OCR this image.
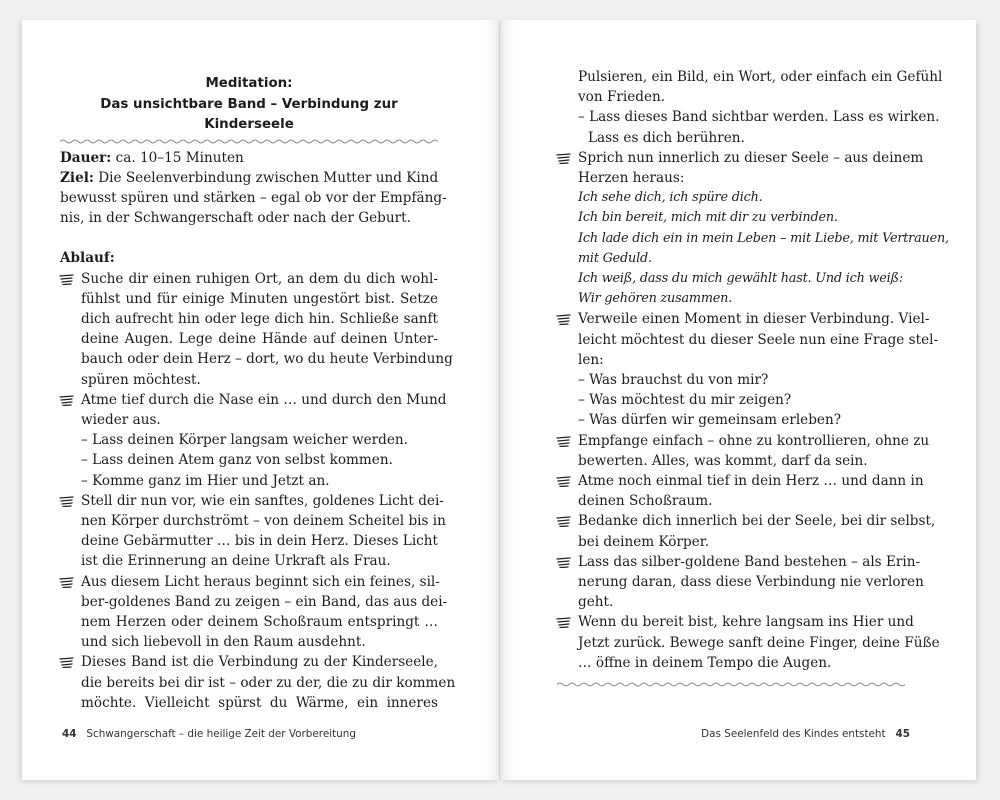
Meditation:
Das unsichtbare Band – Verbindung zur Kinderseele
Dauer: ca. 10–15 Minuten
Ziel: Die Seelenverbindung zwischen Mutter und Kind
bewusst spüren und stärken – egal ob vor der Empfäng-
nis, in der Schwangerschaft oder nach der Geburt.
Ablauf:
Suche dir einen ruhigen Ort, an dem du dich wohl-
fühlst und für einige Minuten ungestört bist. Setze
dich aufrecht hin oder lege dich hin. Schließe sanft
deine Augen. Lege deine Hände auf deinen Unter-
bauch oder dein Herz – dort, wo du heute Verbindung
spüren möchtest.
Atme tief durch die Nase ein … und durch den Mund
wieder aus.
– Lass deinen Körper langsam weicher werden.
– Lass deinen Atem ganz von selbst kommen.
– Komme ganz im Hier und Jetzt an.
Stell dir nun vor, wie ein sanftes, goldenes Licht dei-
nen Körper durchströmt – von deinem Scheitel bis in
deine Gebärmutter … bis in dein Herz. Dieses Licht
ist die Erinnerung an deine Urkraft als Frau.
Aus diesem Licht heraus beginnt sich ein feines, sil-
ber-goldenes Band zu zeigen – ein Band, das aus dei-
nem Herzen oder deinem Schoßraum entspringt …
und sich liebevoll in den Raum ausdehnt.
Dieses Band ist die Verbindung zu der Kinderseele,
die bereits bei dir ist – oder zu der, die zu dir kommen
möchte. Vielleicht spürst du Wärme, ein inneres
44 Schwangerschaft – die heilige Zeit der Vorbereitung
Pulsieren, ein Bild, ein Wort, oder einfach ein Gefühl
von Frieden.
– Lass dieses Band sichtbar werden. Lass es wirken.
Lass es dich berühren.
Sprich nun innerlich zu dieser Seele – aus deinem
Herzen heraus:
Ich sehe dich, ich spüre dich.
Ich bin bereit, mich mit dir zu verbinden.
Ich lade dich ein in mein Leben – mit Liebe, mit Vertrauen,
mit Geduld.
Ich weiß, dass du mich gewählt hast. Und ich weiß:
Wir gehören zusammen.
Verweile einen Moment in dieser Verbindung. Viel-
leicht möchtest du dieser Seele nun eine Frage stel-
len:
– Was brauchst du von mir?
– Was möchtest du mir zeigen?
– Was dürfen wir gemeinsam erleben?
Empfange einfach – ohne zu kontrollieren, ohne zu
bewerten. Alles, was kommt, darf da sein.
Atme noch einmal tief in dein Herz … und dann in
deinen Schoßraum.
Bedanke dich innerlich bei der Seele, bei dir selbst,
bei deinem Körper.
Lass das silber-goldene Band bestehen – als Erin-
nerung daran, dass diese Verbindung nie verloren
geht.
Wenn du bereit bist, kehre langsam ins Hier und
Jetzt zurück. Bewege sanft deine Finger, deine Füße
… öffne in deinem Tempo die Augen.
Das Seelenfeld des Kindes entsteht 45
